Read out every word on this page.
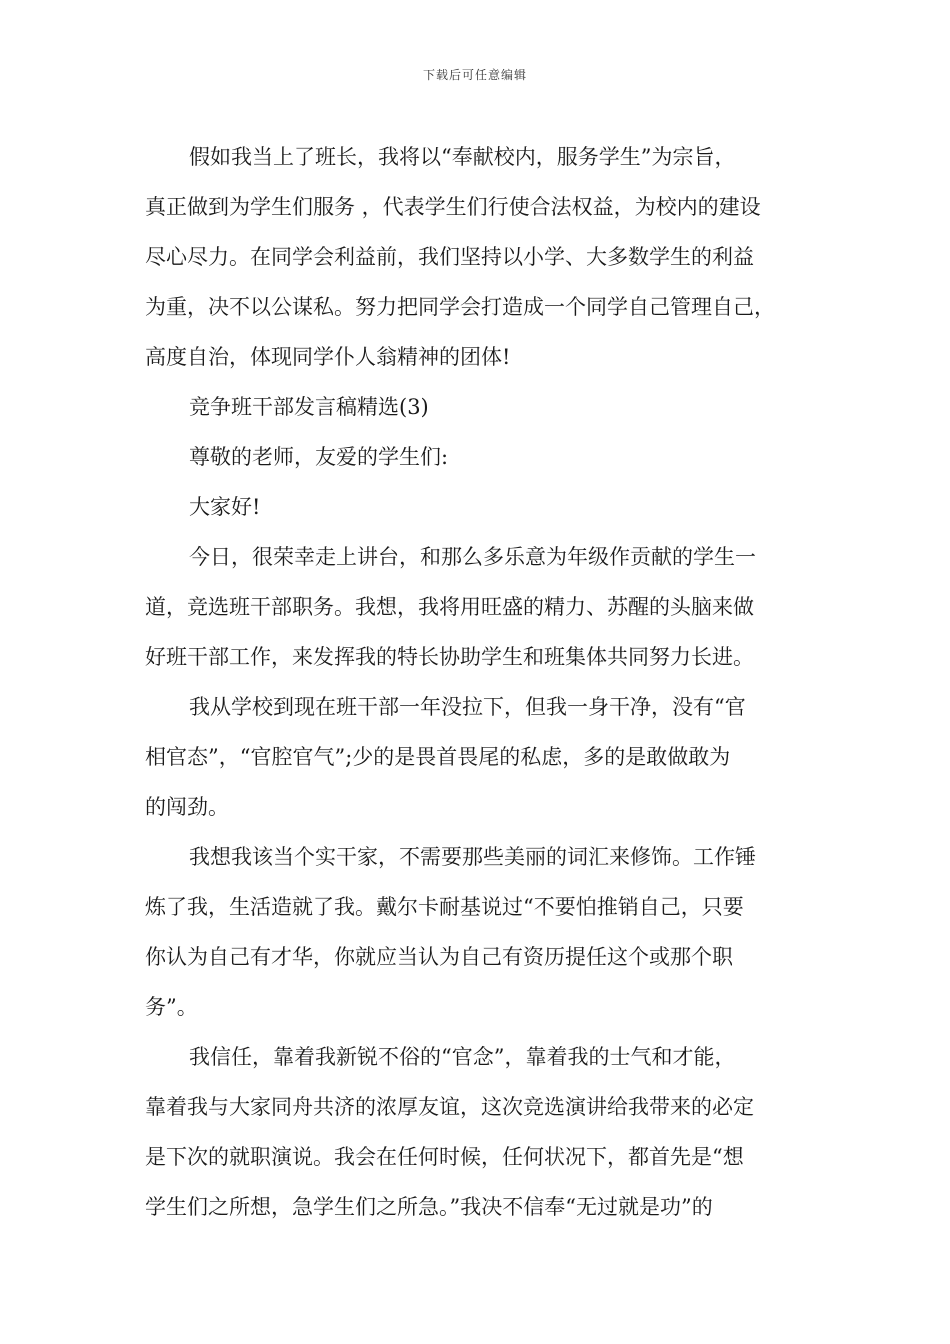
下载后可任意编辑
假如我当上了班长，我将以“奉献校内，服务学生”为宗旨，
真正做到为学生们服务 ，代表学生们行使合法权益，为校内的建设
尽心尽力。在同学会利益前，我们坚持以小学、大多数学生的利益
为重，决不以公谋私。努力把同学会打造成一个同学自己管理自己，
高度自治，体现同学仆人翁精神的团体!
竞争班干部发言稿精选(3)
尊敬的老师，友爱的学生们:
大家好!
今日，很荣幸走上讲台，和那么多乐意为年级作贡献的学生一
道，竞选班干部职务。我想，我将用旺盛的精力、苏醒的头脑来做
好班干部工作，来发挥我的特长协助学生和班集体共同努力长进。
我从学校到现在班干部一年没拉下，但我一身干净，没有“官
相官态”，“官腔官气”;少的是畏首畏尾的私虑，多的是敢做敢为
的闯劲。
我想我该当个实干家，不需要那些美丽的词汇来修饰。工作锤
炼了我，生活造就了我。戴尔卡耐基说过“不要怕推销自己，只要
你认为自己有才华，你就应当认为自己有资历提任这个或那个职
务”。
我信任，靠着我新锐不俗的“官念”，靠着我的士气和才能，
靠着我与大家同舟共济的浓厚友谊，这次竞选演讲给我带来的必定
是下次的就职演说。我会在任何时候，任何状况下，都首先是“想
学生们之所想，急学生们之所急。”我决不信奉“无过就是功”的
